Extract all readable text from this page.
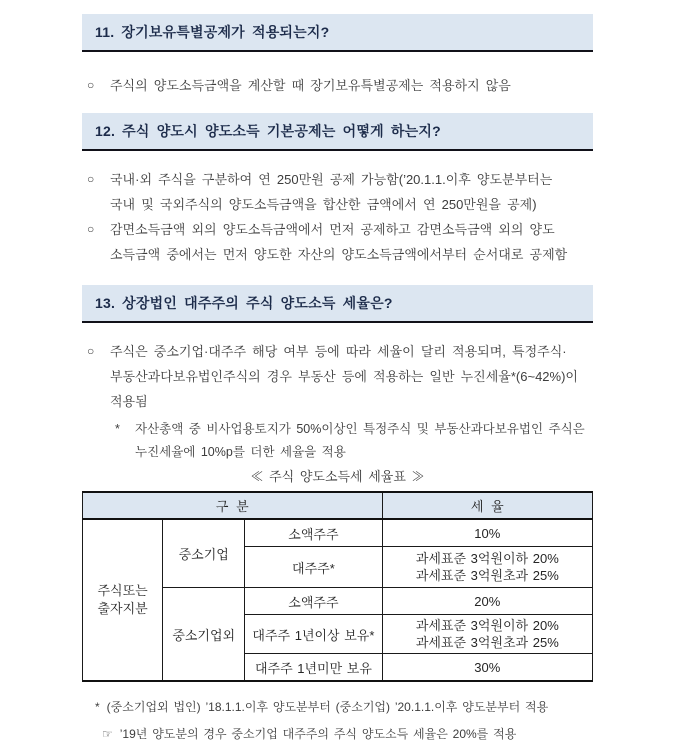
11. 장기보유특별공제가 적용되는지?
○	주식의 양도소득금액을 계산할 때 장기보유특별공제는 적용하지 않음
12. 주식 양도시 양도소득 기본공제는 어떻게 하는지?
○	국내·외 주식을 구분하여 연 250만원 공제 가능함(’20.1.1.이후 양도분부터는
국내 및 국외주식의 양도소득금액을 합산한 금액에서 연 250만원을 공제)
○	감면소득금액 외의 양도소득금액에서 먼저 공제하고 감면소득금액 외의 양도
소득금액 중에서는 먼저 양도한 자산의 양도소득금액에서부터 순서대로 공제함
13. 상장법인 대주주의 주식 양도소득 세율은?
○	주식은 중소기업·대주주 해당 여부 등에 따라 세율이 달리 적용되며, 특정주식·
부동산과다보유법인주식의 경우 부동산 등에 적용하는 일반 누진세율*(6~42%)이
적용됨
*	자산총액 중 비사업용토지가 50%이상인 특정주식 및 부동산과다보유법인 주식은
누진세율에 10%p를 더한 세율을 적용
≪ 주식 양도소득세 세율표 ≫
구 분			세 율

주식또는
출자지분	중소기업	소액주주	10%
		대주주*	과세표준 3억원이하 20%
과세표준 3억원초과 25%

	중소기업외	소액주주	20%
		대주주 1년이상 보유*	과세표준 3억원이하 20%
과세표준 3억원초과 25%

		대주주 1년미만 보유	30%
* (중소기업외 법인) ’18.1.1.이후 양도분부터 (중소기업) ’20.1.1.이후 양도분부터 적용
☞ ’19년 양도분의 경우 중소기업 대주주의 주식 양도소득 세율은 20%를 적용
